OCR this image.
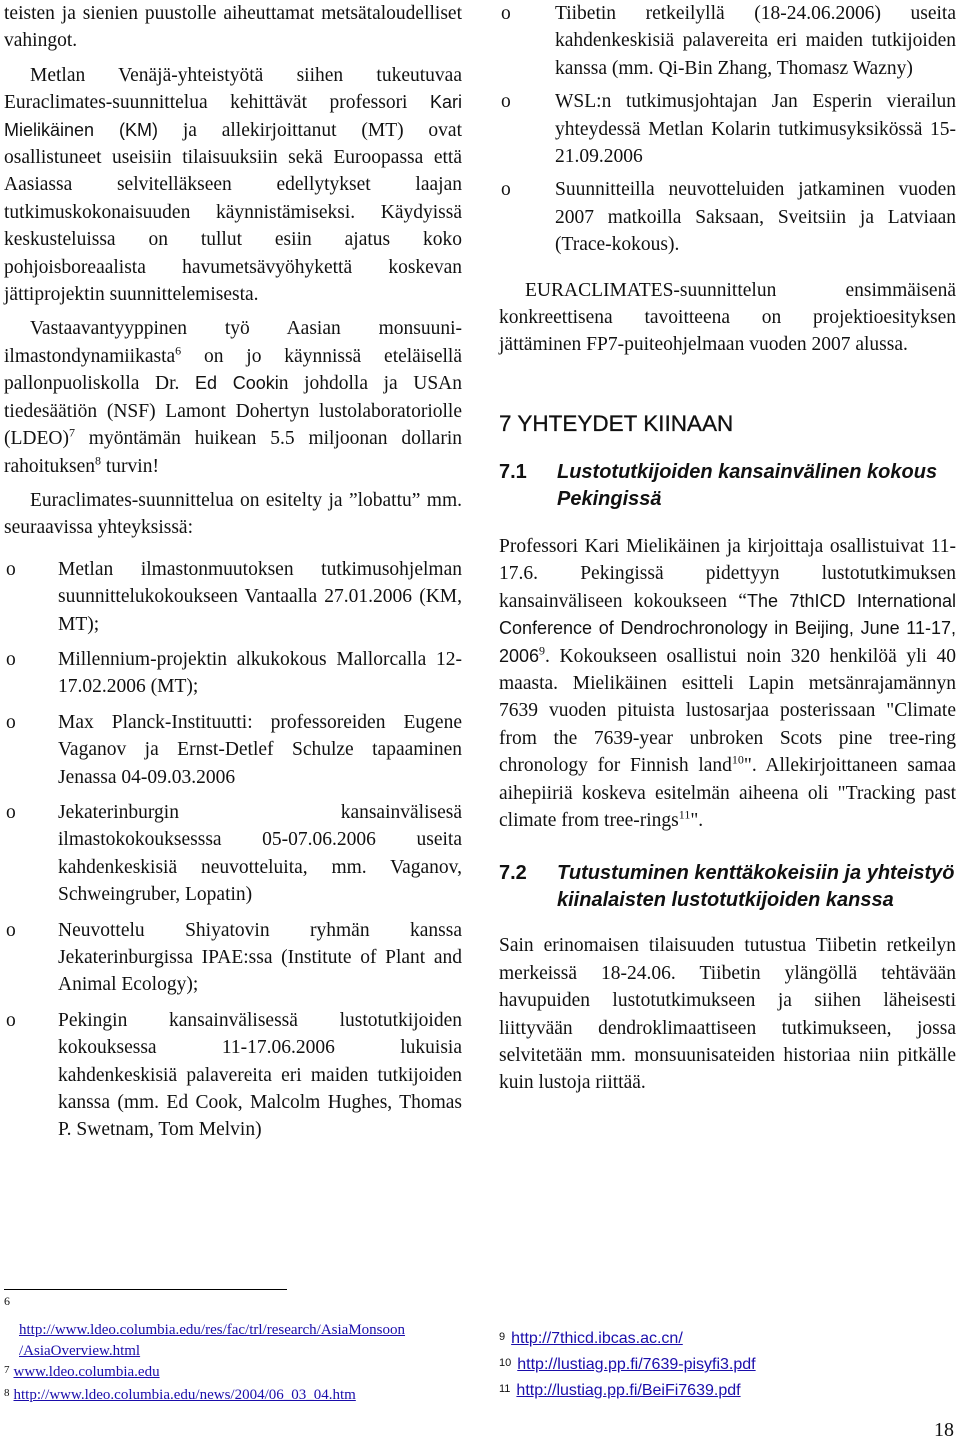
teisten ja sienien puustolle aiheuttamat metsätaloudelliset vahingot.

Metlan Venäjä-yhteistyötä siihen tukeutuvaa Euraclimates-suunnittelua kehittävät professori Kari Mielikäinen (KM) ja allekirjoittanut (MT) ovat osallistuneet useisiin tilaisuuksiin sekä Euroopassa että Aasiassa selvitelläkseen edellytykset laajan tutkimuskokonaisuuden käynnistämiseksi. Käydyissä keskusteluissa on tullut esiin ajatus koko pohjoisboreaalista havumetsävyöhykettä koskevan jättiprojektin suunnittelemisesta.

Vastaavantyyppinen työ Aasian monsuuni-ilmastondynamiikasta$^6$ on jo käynnissä eteläisellä pallonpuoliskolla Dr. Ed Cookin johdolla ja USAn tiedesäätiön (NSF) Lamont Dohertyn lustolaboratoriolle (LDEO)$^7$ myöntämän huikean 5.5 miljoonan dollarin rahoituksen$^8$ turvin!

Euraclimates-suunnittelua on esitelty ja ”lobattu” mm. seuraavissa yhteyksissä:

o Metlan ilmastonmuutoksen tutkimusohjelman suunnittelukokoukseen Vantaalla 27.01.2006 (KM, MT);
o Millennium-projektin alkukokous Mallorcalla 12-17.02.2006 (MT);
o Max Planck-Instituutti: professoreiden Eugene Vaganov ja Ernst-Detlef Schulze tapaaminen Jenassa 04-09.03.2006
o Jekaterinburgin kansainvälisesä ilmastokokouksesssa 05-07.06.2006 useita kahdenkeskisiä neuvotteluita, mm. Vaganov, Schweingruber, Lopatin)
o Neuvottelu Shiyatovin ryhmän kanssa Jekaterinburgissa IPAE:ssa (Institute of Plant and Animal Ecology);
o Pekingin kansainvälisessä lustotutkijoiden kokouksessa 11-17.06.2006 lukuisia kahdenkeskisiä palavereita eri maiden tutkijoiden kanssa (mm. Ed Cook, Malcolm Hughes, Thomas P. Swetnam, Tom Melvin)
o Tiibetin retkeilyllä (18-24.06.2006) useita kahdenkeskisiä palavereita eri maiden tutkijoiden kanssa (mm. Qi-Bin Zhang, Thomasz Wazny)
o WSL:n tutkimusjohtajan Jan Esperin vierailun yhteydessä Metlan Kolarin tutkimusyksikössä 15-21.09.2006
o Suunnitteilla neuvotteluiden jatkaminen vuoden 2007 matkoilla Saksaan, Sveitsiin ja Latviaan (Trace-kokous).

EURACLIMATES-suunnittelun ensimmäisenä konkreettisena tavoitteena on projektioesityksen jättäminen FP7-puiteohjelmaan vuoden 2007 alussa.

7 YHTEYDET KIINAAN
7.1 Lustotutkijoiden kansainvälinen kokous Pekingissä

Professori Kari Mielikäinen ja kirjoittaja osallistuivat 11-17.6. Pekingissä pidettyyn lustotutkimuksen kansainväliseen kokoukseen “The 7thICD International Conference of Dendrochronology in Beijing, June 11-17, 2006$^9$. Kokoukseen osallistui noin 320 henkilöä yli 40 maasta. Mielikäinen esitteli Lapin metsänrajamännyn 7639 vuoden pituista lustosarjaa posterissaan "Climate from the 7639-year unbroken Scots pine tree-ring chronology for Finnish land$^{10}$". Allekirjoittaneen samaa aihepiiriä koskeva esitelmän aiheena oli "Tracking past climate from tree-rings$^{11}$".

7.2 Tutustuminen kenttäkokeisiin ja yhteistyö kiinalaisten lustotutkijoiden kanssa

Sain erinomaisen tilaisuuden tutustua Tiibetin retkeilyn merkeissä 18-24.06. Tiibetin ylängöllä tehtävään havupuiden lustotutkimukseen ja siihen läheisesti liittyvään dendroklimaattiseen tutkimukseen, jossa selvitetään mm. monsuunisateiden historiaa niin pitkälle kuin lustoja riittää.

$^6$
http://www.ldeo.columbia.edu/res/fac/trl/research/AsiaMonsoon
/AsiaOverview.html
$^7$ www.ldeo.columbia.edu
$^8$ http://www.ldeo.columbia.edu/news/2004/06_03_04.htm
$^9$ http://7thicd.ibcas.ac.cn/
$^{10}$ http://lustiag.pp.fi/7639-pisyfi3.pdf
$^{11}$ http://lustiag.pp.fi/BeiFi7639.pdf
18
